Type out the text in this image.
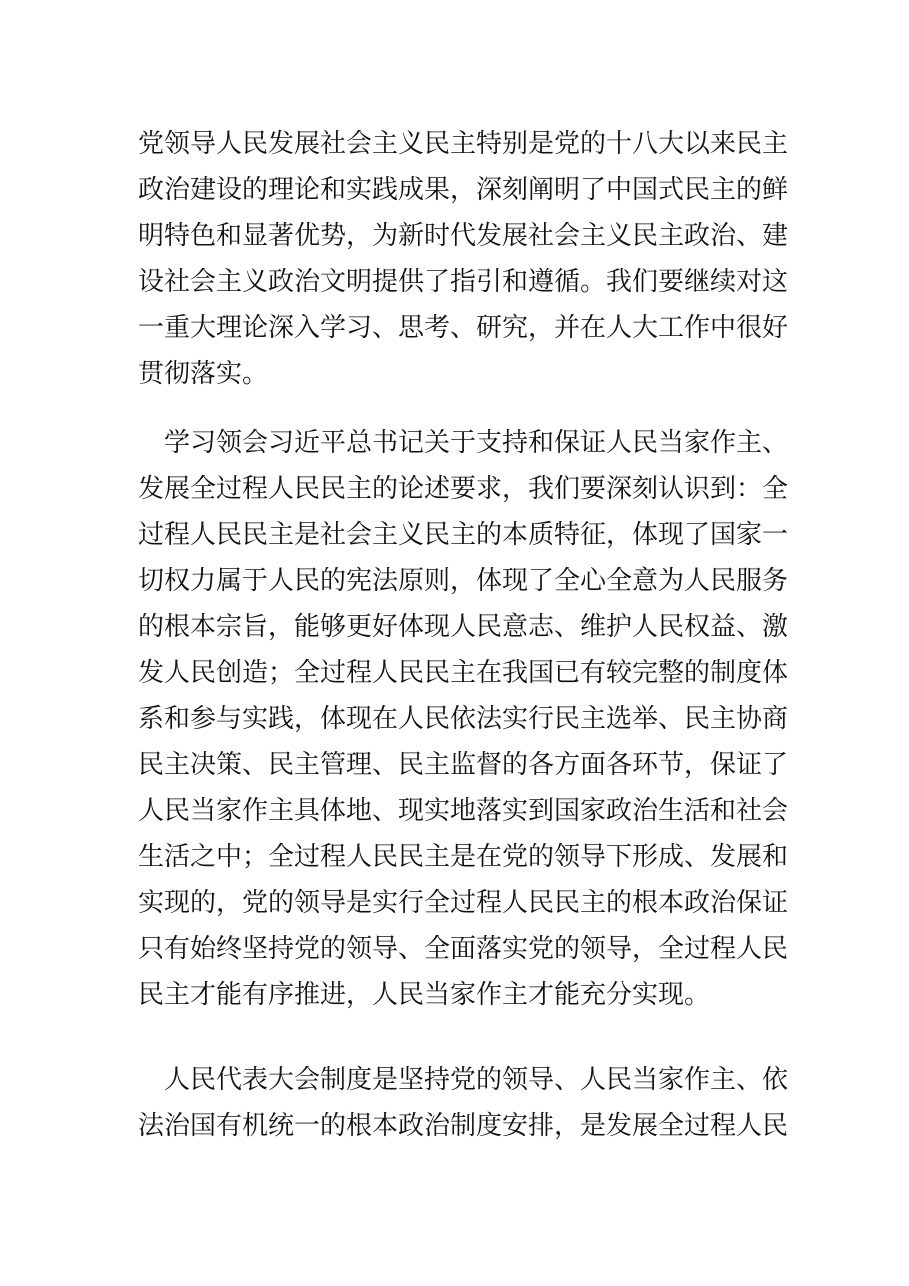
党领导人民发展社会主义民主特别是党的十八大以来民主
政治建设的理论和实践成果，深刻阐明了中国式民主的鲜
明特色和显著优势，为新时代发展社会主义民主政治、建
设社会主义政治文明提供了指引和遵循。我们要继续对这
一重大理论深入学习、思考、研究，并在人大工作中很好
贯彻落实。
　学习领会习近平总书记关于支持和保证人民当家作主、
发展全过程人民民主的论述要求，我们要深刻认识到：全
过程人民民主是社会主义民主的本质特征，体现了国家一
切权力属于人民的宪法原则，体现了全心全意为人民服务
的根本宗旨，能够更好体现人民意志、维护人民权益、激
发人民创造；全过程人民民主在我国已有较完整的制度体
系和参与实践，体现在人民依法实行民主选举、民主协商
民主决策、民主管理、民主监督的各方面各环节，保证了
人民当家作主具体地、现实地落实到国家政治生活和社会
生活之中；全过程人民民主是在党的领导下形成、发展和
实现的，党的领导是实行全过程人民民主的根本政治保证
只有始终坚持党的领导、全面落实党的领导，全过程人民
民主才能有序推进，人民当家作主才能充分实现。
　人民代表大会制度是坚持党的领导、人民当家作主、依
法治国有机统一的根本政治制度安排，是发展全过程人民
